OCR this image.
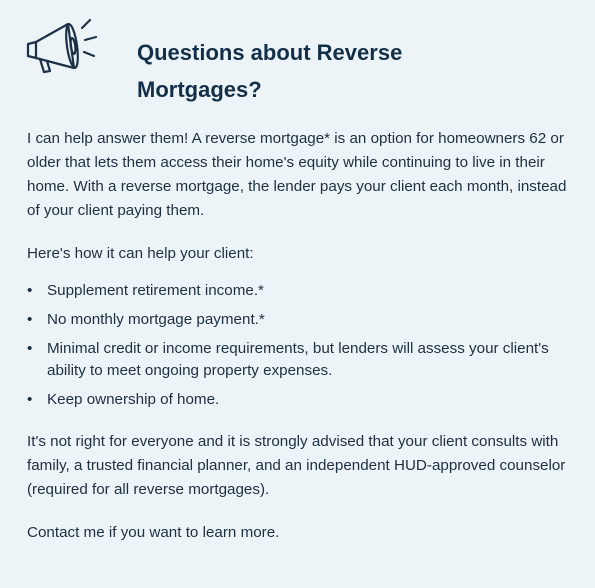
Questions about Reverse
Mortgages?

I can help answer them! A reverse mortgage* is an option for homeowners 62 or older that lets them access their home's equity while continuing to live in their home. With a reverse mortgage, the lender pays your client each month, instead of your client paying them.

Here's how it can help your client:

• Supplement retirement income.*
• No monthly mortgage payment.*
• Minimal credit or income requirements, but lenders will assess your client's ability to meet ongoing property expenses.
• Keep ownership of home.

It's not right for everyone and it is strongly advised that your client consults with family, a trusted financial planner, and an independent HUD-approved counselor (required for all reverse mortgages).

Contact me if you want to learn more.
